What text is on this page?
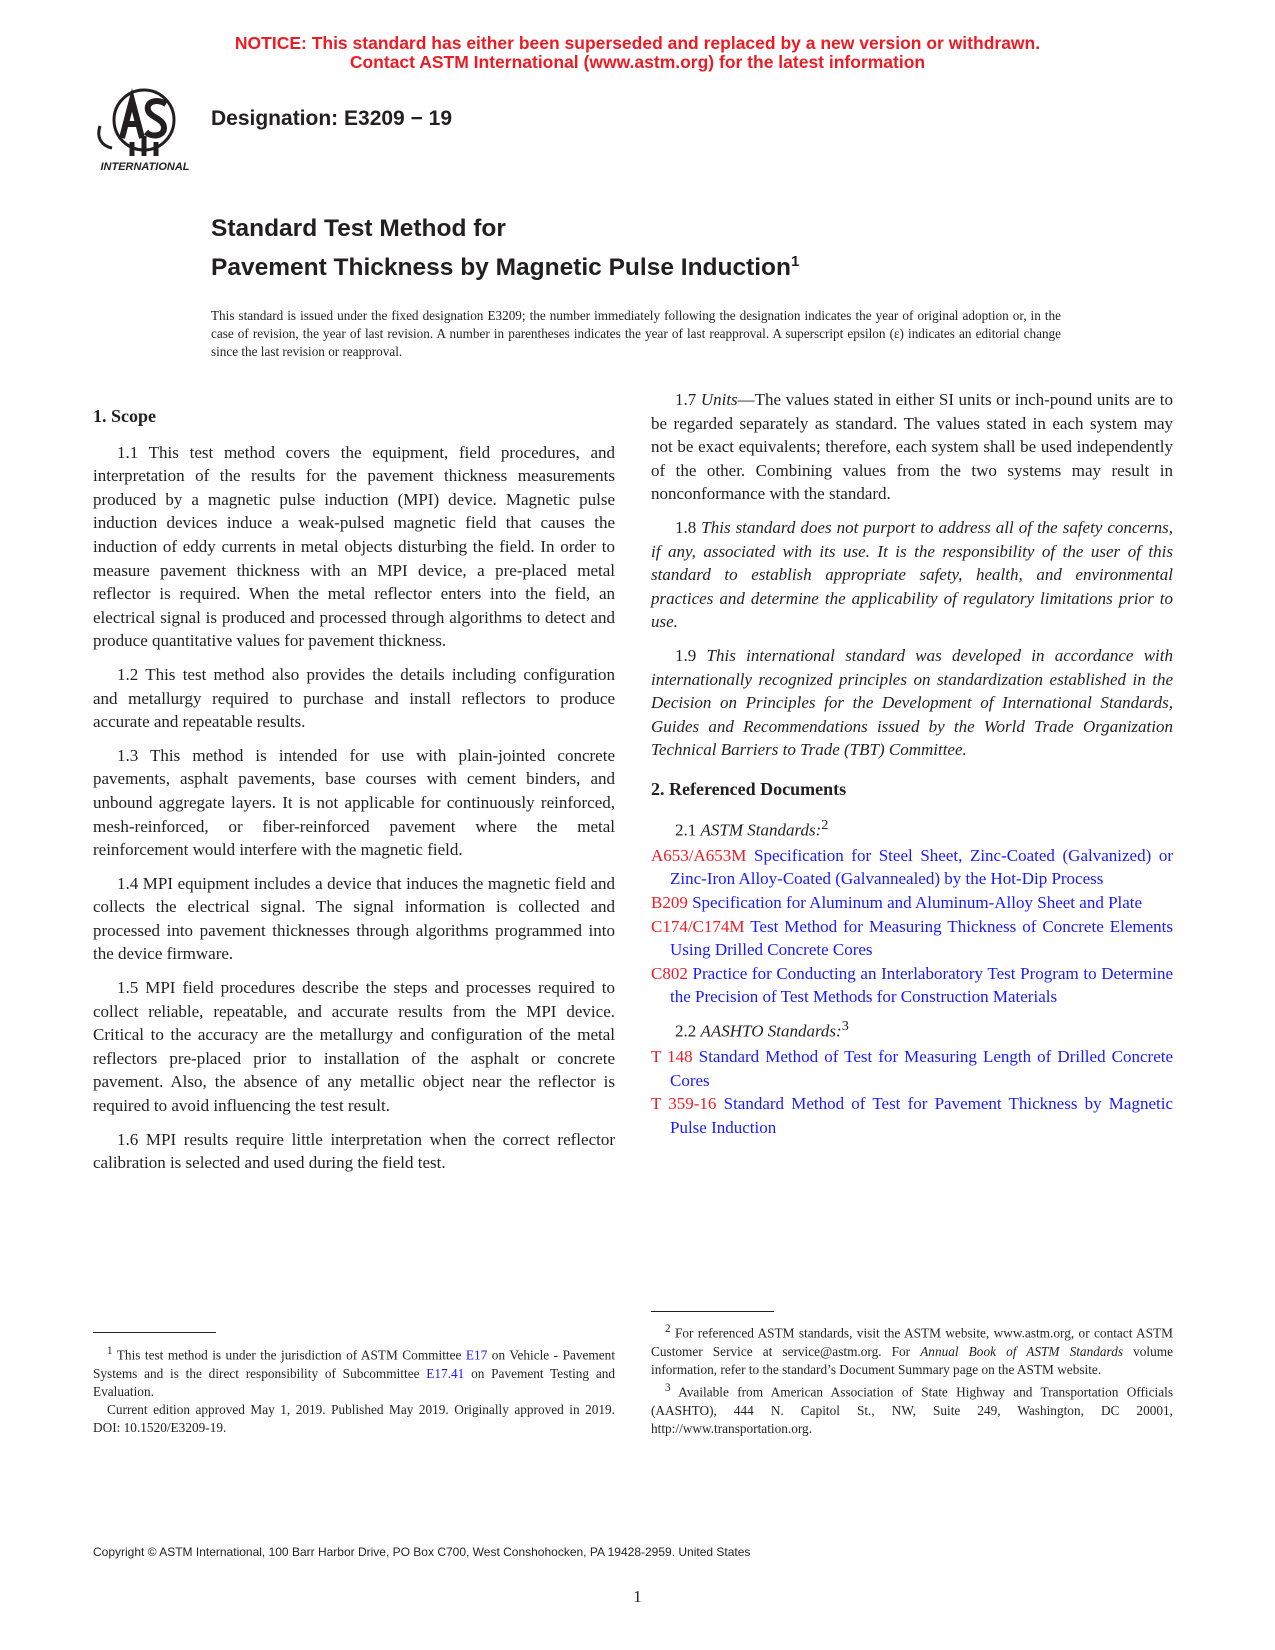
NOTICE: This standard has either been superseded and replaced by a new version or withdrawn.
Contact ASTM International (www.astm.org) for the latest information
INTERNATIONAL
Designation: E3209 − 19
Standard Test Method for
Pavement Thickness by Magnetic Pulse Induction$^1$
This standard is issued under the fixed designation E3209; the number immediately following the designation indicates the year of original adoption or, in the case of revision, the year of last revision. A number in parentheses indicates the year of last reapproval. A superscript epsilon (ε) indicates an editorial change since the last revision or reapproval.
1. Scope
1.1 This test method covers the equipment, field procedures, and interpretation of the results for the pavement thickness measurements produced by a magnetic pulse induction (MPI) device. Magnetic pulse induction devices induce a weak-pulsed magnetic field that causes the induction of eddy currents in metal objects disturbing the field. In order to measure pavement thickness with an MPI device, a pre-placed metal reflector is required. When the metal reflector enters into the field, an electrical signal is produced and processed through algorithms to detect and produce quantitative values for pavement thickness.
1.2 This test method also provides the details including configuration and metallurgy required to purchase and install reflectors to produce accurate and repeatable results.
1.3 This method is intended for use with plain-jointed concrete pavements, asphalt pavements, base courses with cement binders, and unbound aggregate layers. It is not applicable for continuously reinforced, mesh-reinforced, or fiber-reinforced pavement where the metal reinforcement would interfere with the magnetic field.
1.4 MPI equipment includes a device that induces the magnetic field and collects the electrical signal. The signal information is collected and processed into pavement thicknesses through algorithms programmed into the device firmware.
1.5 MPI field procedures describe the steps and processes required to collect reliable, repeatable, and accurate results from the MPI device. Critical to the accuracy are the metallurgy and configuration of the metal reflectors pre-placed prior to installation of the asphalt or concrete pavement. Also, the absence of any metallic object near the reflector is required to avoid influencing the test result.
1.6 MPI results require little interpretation when the correct reflector calibration is selected and used during the field test.
1.7 Units—The values stated in either SI units or inch-pound units are to be regarded separately as standard. The values stated in each system may not be exact equivalents; therefore, each system shall be used independently of the other. Combining values from the two systems may result in nonconformance with the standard.
1.8 This standard does not purport to address all of the safety concerns, if any, associated with its use. It is the responsibility of the user of this standard to establish appropriate safety, health, and environmental practices and determine the applicability of regulatory limitations prior to use.
1.9 This international standard was developed in accordance with internationally recognized principles on standardization established in the Decision on Principles for the Development of International Standards, Guides and Recommendations issued by the World Trade Organization Technical Barriers to Trade (TBT) Committee.
2. Referenced Documents
2.1 ASTM Standards:$^2$
A653/A653M Specification for Steel Sheet, Zinc-Coated (Galvanized) or Zinc-Iron Alloy-Coated (Galvannealed) by the Hot-Dip Process
B209 Specification for Aluminum and Aluminum-Alloy Sheet and Plate
C174/C174M Test Method for Measuring Thickness of Concrete Elements Using Drilled Concrete Cores
C802 Practice for Conducting an Interlaboratory Test Program to Determine the Precision of Test Methods for Construction Materials
2.2 AASHTO Standards:$^3$
T 148 Standard Method of Test for Measuring Length of Drilled Concrete Cores
T 359-16 Standard Method of Test for Pavement Thickness by Magnetic Pulse Induction

$^1$ This test method is under the jurisdiction of ASTM Committee E17 on Vehicle - Pavement Systems and is the direct responsibility of Subcommittee E17.41 on Pavement Testing and Evaluation.

Current edition approved May 1, 2019. Published May 2019. Originally approved in 2019. DOI: 10.1520/E3209-19.

$^2$ For referenced ASTM standards, visit the ASTM website, www.astm.org, or contact ASTM Customer Service at service@astm.org. For Annual Book of ASTM Standards volume information, refer to the standard’s Document Summary page on the ASTM website.

$^3$ Available from American Association of State Highway and Transportation Officials (AASHTO), 444 N. Capitol St., NW, Suite 249, Washington, DC 20001, http://www.transportation.org.

Copyright © ASTM International, 100 Barr Harbor Drive, PO Box C700, West Conshohocken, PA 19428-2959. United States
1
